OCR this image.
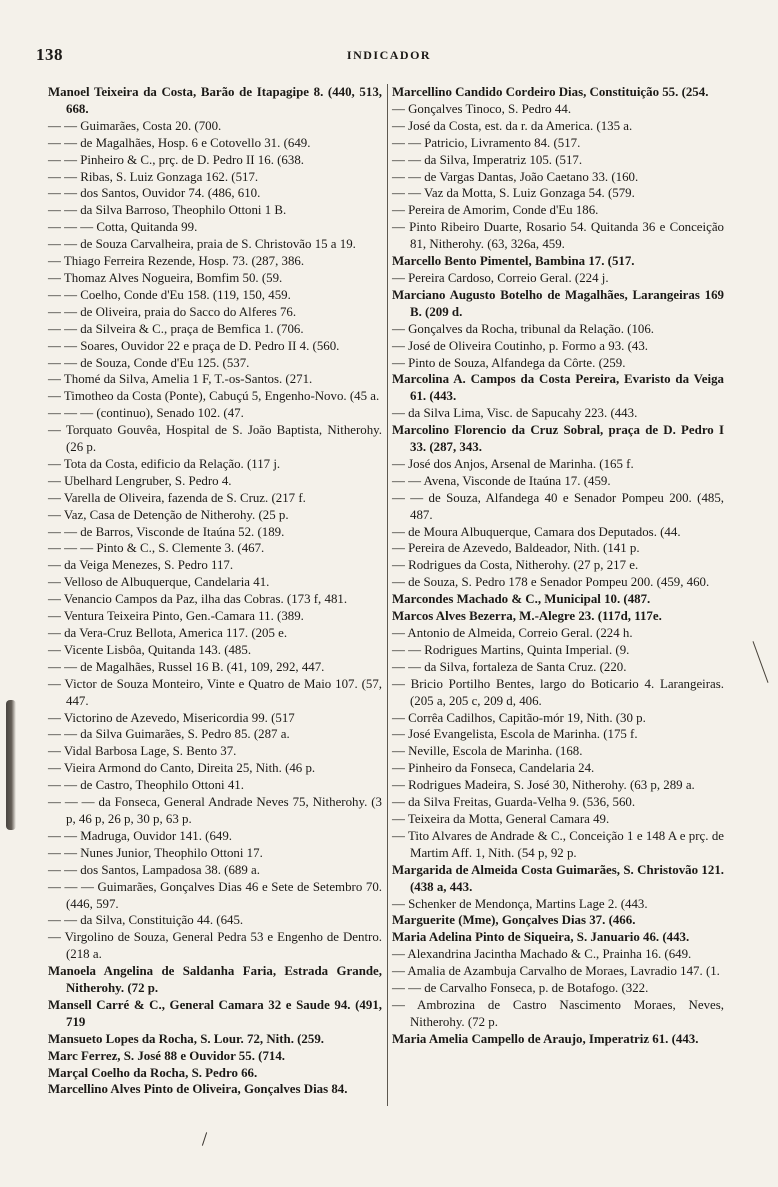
138	INDICADOR
Manoel Teixeira da Costa, Barão de Itapagipe 8. (440, 513, 668.
— — Guimarães, Costa 20. (700.
— — de Magalhães, Hosp. 6 e Cotovello 31. (649.
— — Pinheiro & C., prç. de D. Pedro II 16. (638.
— — Ribas, S. Luiz Gonzaga 162. (517.
— — dos Santos, Ouvidor 74. (486, 610.
— — da Silva Barroso, Theophilo Ottoni 1 B.
— — — Cotta, Quitanda 99.
— — de Souza Carvalheira, praia de S. Christovão 15 a 19.
— Thiago Ferreira Rezende, Hosp. 73. (287, 386.
— Thomaz Alves Nogueira, Bomfim 50. (59.
— — Coelho, Conde d'Eu 158. (119, 150, 459.
— — de Oliveira, praia do Sacco do Alferes 76.
— — da Silveira & C., praça de Bemfica 1. (706.
— — Soares, Ouvidor 22 e praça de D. Pedro II 4. (560.
— — de Souza, Conde d'Eu 125. (537.
— Thomé da Silva, Amelia 1 F, T.-os-Santos. (271.
— Timotheo da Costa (Ponte), Cabuçú 5, Engenho-Novo. (45 a.
— — — (continuo), Senado 102. (47.
— Torquato Gouvêa, Hospital de S. João Baptista, Nitherohy. (26 p.
— Tota da Costa, edificio da Relação. (117 j.
— Ubelhard Lengruber, S. Pedro 4.
— Varella de Oliveira, fazenda de S. Cruz. (217 f.
— Vaz, Casa de Detenção de Nitherohy. (25 p.
— — de Barros, Visconde de Itaúna 52. (189.
— — — Pinto & C., S. Clemente 3. (467.
— da Veiga Menezes, S. Pedro 117.
— Velloso de Albuquerque, Candelaria 41.
— Venancio Campos da Paz, ilha das Cobras. (173 f, 481.
— Ventura Teixeira Pinto, Gen.-Camara 11. (389.
— da Vera-Cruz Bellota, America 117. (205 e.
— Vicente Lisbôa, Quitanda 143. (485.
— — de Magalhães, Russel 16 B. (41, 109, 292, 447.
— Victor de Souza Monteiro, Vinte e Quatro de Maio 107. (57, 447.
— Victorino de Azevedo, Misericordia 99. (517
— — da Silva Guimarães, S. Pedro 85. (287 a.
— Vidal Barbosa Lage, S. Bento 37.
— Vieira Armond do Canto, Direita 25, Nith. (46 p.
— — de Castro, Theophilo Ottoni 41.
— — — da Fonseca, General Andrade Neves 75, Nitherohy. (3 p, 46 p, 26 p, 30 p, 63 p.
— — Madruga, Ouvidor 141. (649.
— — Nunes Junior, Theophilo Ottoni 17.
— — dos Santos, Lampadosa 38. (689 a.
— — — Guimarães, Gonçalves Dias 46 e Sete de Setembro 70. (446, 597.
— — da Silva, Constituição 44. (645.
— Virgolino de Souza, General Pedra 53 e Engenho de Dentro. (218 a.
Manoela Angelina de Saldanha Faria, Estrada Grande, Nitherohy. (72 p.
Mansell Carré & C., General Camara 32 e Saude 94. (491, 719
Mansueto Lopes da Rocha, S. Lour. 72, Nith. (259.
Marc Ferrez, S. José 88 e Ouvidor 55. (714.
Marçal Coelho da Rocha, S. Pedro 66.
Marcellino Alves Pinto de Oliveira, Gonçalves Dias 84.
Marcellino Candido Cordeiro Dias, Constituição 55. (254.
— Gonçalves Tinoco, S. Pedro 44.
— José da Costa, est. da r. da America. (135 a.
— — Patricio, Livramento 84. (517.
— — da Silva, Imperatriz 105. (517.
— — de Vargas Dantas, João Caetano 33. (160.
— — Vaz da Motta, S. Luiz Gonzaga 54. (579.
— Pereira de Amorim, Conde d'Eu 186.
— Pinto Ribeiro Duarte, Rosario 54. Quitanda 36 e Conceição 81, Nitherohy. (63, 326a, 459.
Marcello Bento Pimentel, Bambina 17. (517.
— Pereira Cardoso, Correio Geral. (224 j.
Marciano Augusto Botelho de Magalhães, Larangeiras 169 B. (209 d.
— Gonçalves da Rocha, tribunal da Relação. (106.
— José de Oliveira Coutinho, p. Formo a 93. (43.
— Pinto de Souza, Alfandega da Côrte. (259.
Marcolina A. Campos da Costa Pereira, Evaristo da Veiga 61. (443.
— da Silva Lima, Visc. de Sapucahy 223. (443.
Marcolino Florencio da Cruz Sobral, praça de D. Pedro I 33. (287, 343.
— José dos Anjos, Arsenal de Marinha. (165 f.
— — Avena, Visconde de Itaúna 17. (459.
— — de Souza, Alfandega 40 e Senador Pompeu 200. (485, 487.
— de Moura Albuquerque, Camara dos Deputados. (44.
— Pereira de Azevedo, Baldeador, Nith. (141 p.
— Rodrigues da Costa, Nitherohy. (27 p, 217 e.
— de Souza, S. Pedro 178 e Senador Pompeu 200. (459, 460.
Marcondes Machado & C., Municipal 10. (487.
Marcos Alves Bezerra, M.-Alegre 23. (117d, 117e.
— Antonio de Almeida, Correio Geral. (224 h.
— — Rodrigues Martins, Quinta Imperial. (9.
— — da Silva, fortaleza de Santa Cruz. (220.
— Bricio Portilho Bentes, largo do Boticario 4. Larangeiras. (205 a, 205 c, 209 d, 406.
— Corrêa Cadilhos, Capitão-mór 19, Nith. (30 p.
— José Evangelista, Escola de Marinha. (175 f.
— Neville, Escola de Marinha. (168.
— Pinheiro da Fonseca, Candelaria 24.
— Rodrigues Madeira, S. José 30, Nitherohy. (63 p, 289 a.
— da Silva Freitas, Guarda-Velha 9. (536, 560.
— Teixeira da Motta, General Camara 49.
— Tito Alvares de Andrade & C., Conceição 1 e 148 A e prç. de Martim Aff. 1, Nith. (54 p, 92 p.
Margarida de Almeida Costa Guimarães, S. Christovão 121. (438 a, 443.
— Schenker de Mendonça, Martins Lage 2. (443.
Marguerite (Mme), Gonçalves Dias 37. (466.
Maria Adelina Pinto de Siqueira, S. Januario 46. (443.
— Alexandrina Jacintha Machado & C., Prainha 16. (649.
— Amalia de Azambuja Carvalho de Moraes, Lavradio 147. (1.
— — de Carvalho Fonseca, p. de Botafogo. (322.
— Ambrozina de Castro Nascimento Moraes, Neves, Nitherohy. (72 p.
Maria Amelia Campello de Araujo, Imperatriz 61. (443.
